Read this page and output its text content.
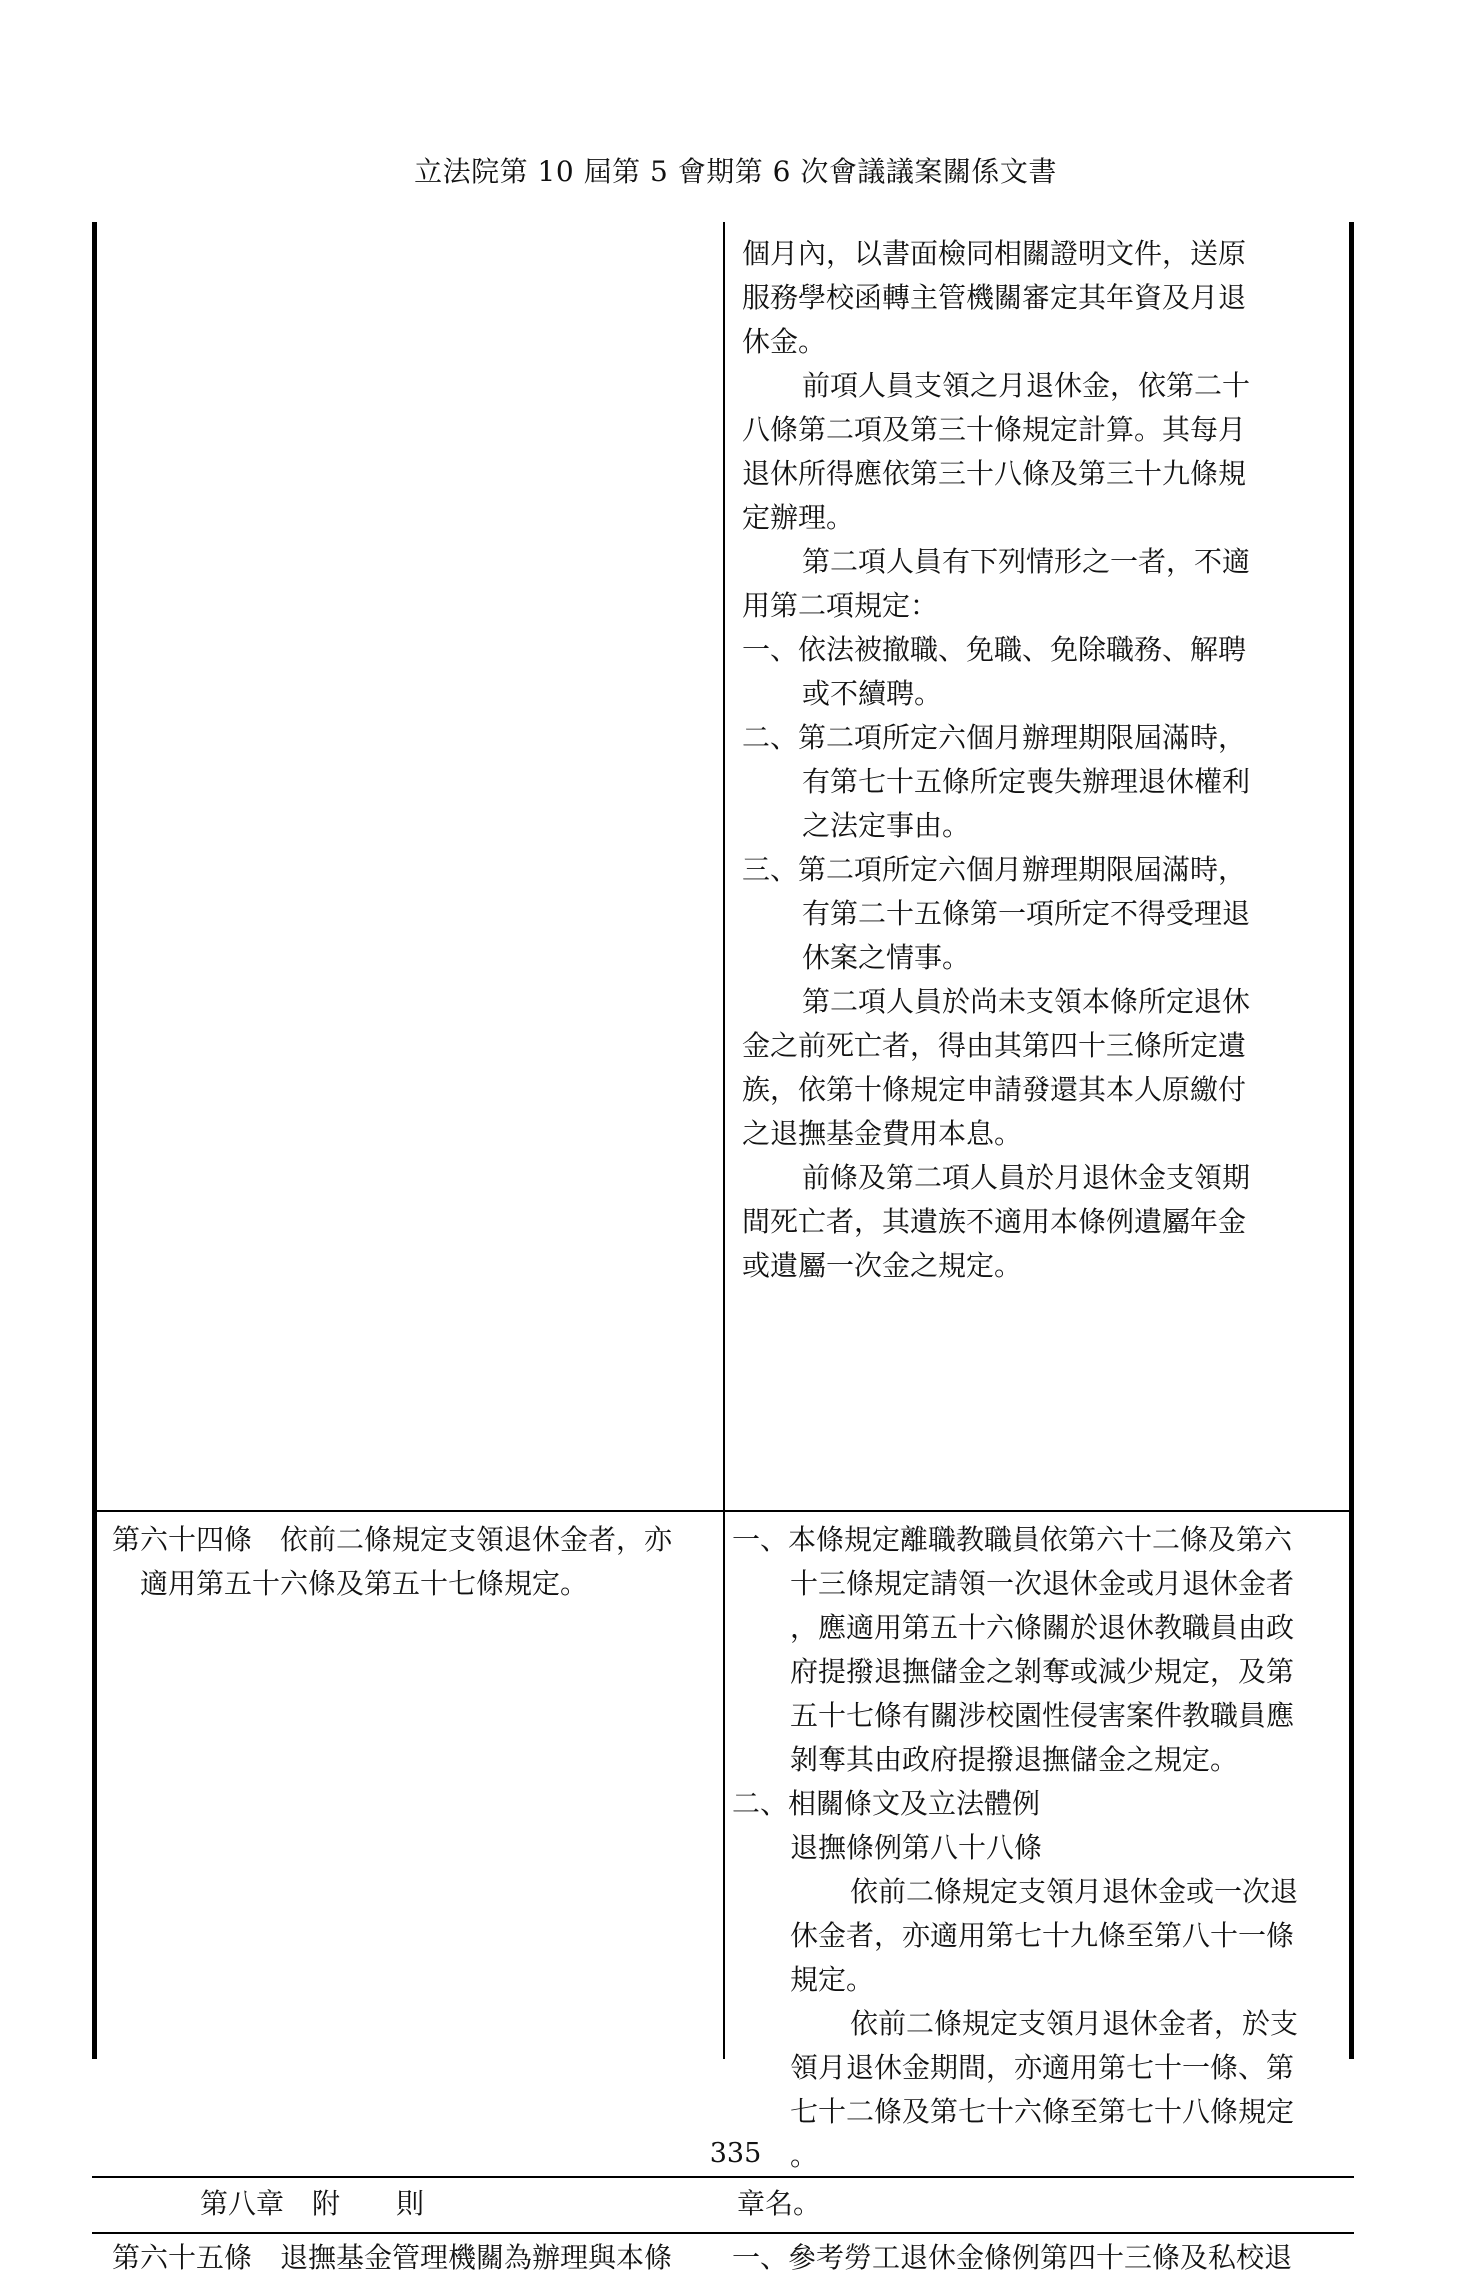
立法院第 10 屆第 5 會期第 6 次會議議案關係文書
個月內，以書面檢同相關證明文件，送原
服務學校函轉主管機關審定其年資及月退
休金。
前項人員支領之月退休金，依第二十
八條第二項及第三十條規定計算。其每月
退休所得應依第三十八條及第三十九條規
定辦理。
第二項人員有下列情形之一者，不適
用第二項規定：
一、依法被撤職、免職、免除職務、解聘
或不續聘。
二、第二項所定六個月辦理期限屆滿時，
有第七十五條所定喪失辦理退休權利
之法定事由。
三、第二項所定六個月辦理期限屆滿時，
有第二十五條第一項所定不得受理退
休案之情事。
第二項人員於尚未支領本條所定退休
金之前死亡者，得由其第四十三條所定遺
族，依第十條規定申請發還其本人原繳付
之退撫基金費用本息。
前條及第二項人員於月退休金支領期
間死亡者，其遺族不適用本條例遺屬年金
或遺屬一次金之規定。
第六十四條　依前二條規定支領退休金者，亦
適用第五十六條及第五十七條規定。
一、本條規定離職教職員依第六十二條及第六
十三條規定請領一次退休金或月退休金者
，應適用第五十六條關於退休教職員由政
府提撥退撫儲金之剝奪或減少規定，及第
五十七條有關涉校園性侵害案件教職員應
剝奪其由政府提撥退撫儲金之規定。
二、相關條文及立法體例
退撫條例第八十八條
依前二條規定支領月退休金或一次退
休金者，亦適用第七十九條至第八十一條
規定。
依前二條規定支領月退休金者，於支
領月退休金期間，亦適用第七十一條、第
七十二條及第七十六條至第七十八條規定
。
第八章　附　　則	章名。
第六十五條　退撫基金管理機關為辦理與本條	一、參考勞工退休金條例第四十三條及私校退
335
